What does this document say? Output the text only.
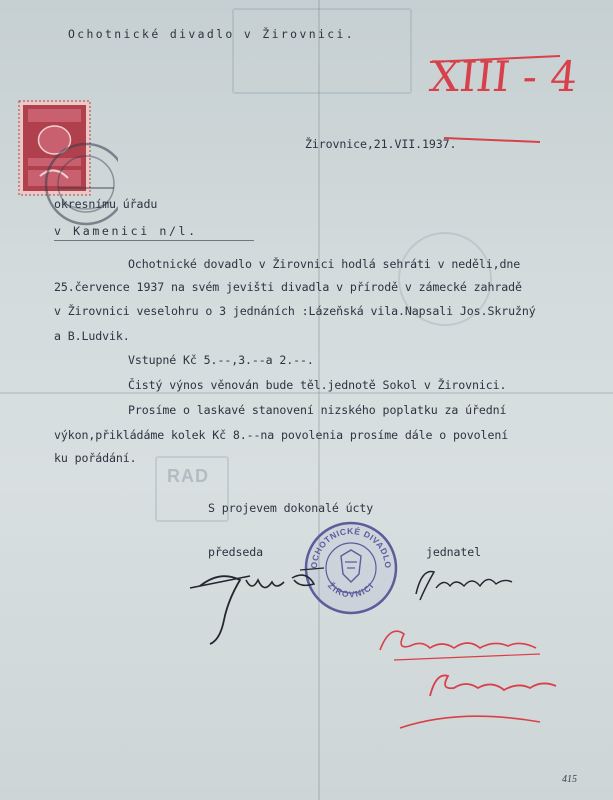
RAD
Ochotnické divadlo v Žirovnici.
XIII - 4
Žirovnice,21.VII.1937.
okresnímu úřadu
v Kamenici n/l.
Ochotnické dovadlo v Žirovnici hodlá sehráti v neděli,dne
25.července 1937 na svém jevišti divadla v přírodě v zámecké zahradě
v Žirovnici veselohru o 3 jednáních :Lázeňská vila.Napsali Jos.Skružný
a B.Ludvik.
Vstupné Kč 5.--,3.--a 2.--.
Čistý výnos věnován bude těl.jednotě Sokol v Žirovnici.
Prosíme o laskavé stanovení nizského poplatku za úřední
výkon,přikládáme kolek Kč 8.--na povolenia prosíme dále o povolení
ku pořádání.
S projevem dokonalé úcty
předseda	jednatel
OCHOTNICKÉ DIVADLO
ŽIROVNICI
415
